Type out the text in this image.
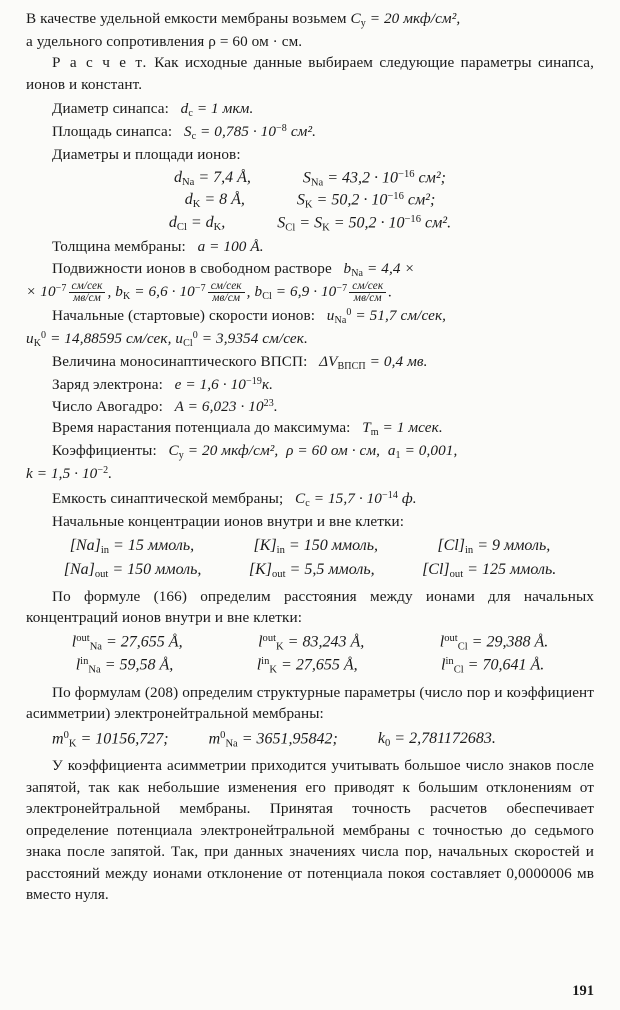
В качестве удельной емкости мембраны возьмем $C_у = 20$ мкф/см²,

а удельного сопротивления ρ = 60 ом · см.

Р а с ч е т. Как исходные данные выбираем следующие параметры синапса, ионов и констант.

Диаметр синапса: $d_с = 1$ мкм.

Площадь синапса: $S_с = 0,785 \cdot 10^{-8}$ см².

Диаметры и площади ионов:

$d_{Na} = 7,4$ Å,	$S_{Na} = 43,2 \cdot 10^{-16}$ см²;
$d_K = 8$ Å,	$S_K = 50,2 \cdot 10^{-16}$ см²;
$d_{Cl} = d_K$,	$S_{Cl} = S_K = 50,2 \cdot 10^{-16}$ см².

Толщина мембраны: a = 100 Å.

Подвижности ионов в свободном растворе $b_{Na} = 4,4$ ×

× $10^{-7} \frac{\text{см/сек}}{мв/см}$ , $b_K = 6,6 \cdot 10^{-7} \frac{\text{см/сек}}{мв/см}$ , $b_{Cl} = 6,9 \cdot 10^{-7} \frac{\text{см/сек}}{мв/см}$ .

Начальные (стартовые) скорости ионов: $u_{Na}^0 = 51,7$ см/сек,

$u_K^0 = 14,88595$ см/сек, $u_{Cl}^0 = 3,9354$ см/сек.

Величина моносинаптического ВПСП: $\Delta V_{ВПСП} = 0,4$ мв.

Заряд электрона: $e = 1,6 \cdot 10^{-19}к$.

Число Авогадро: $A = 6,023 \cdot 10^{23}$.

Время нарастания потенциала до максимума: $T_m = 1$ мсек.

Коэффициенты: $C_у = 20$ мкф/см², ρ = 60 ом · см, $a_1 = 0,001$,

$k = 1,5 \cdot 10^{-2}$.

Емкость синаптической мембраны; $C_с = 15,7 \cdot 10^{-14}$ ф.

Начальные концентрации ионов внутри и вне клетки:

$[Na]_{in} = 15$ ммоль,	$[K]_{in} = 150$ ммоль,	$[Cl]_{in} = 9$ ммоль,
$[Na]_{out} = 150$ ммоль,	$[K]_{out} = 5,5$ ммоль,	$[Cl]_{out} = 125$ ммоль.

По формуле (166) определим расстояния между ионами для начальных концентраций ионов внутри и вне клетки:

$l^{out}_{Na} = 27,655$ Å,	$l^{out}_K = 83,243$ Å,	$l^{out}_{Cl} = 29,388$ Å.
$l^{in}_{Na} = 59,58$ Å,	$l^{in}_K = 27,655$ Å,	$l^{in}_{Cl} = 70,641$ Å.

По формулам (208) определим структурные параметры (число пор и коэффициент асимметрии) электронейтральной мембраны:

$m^0_K = 10156,727$;	$m^0_{Na} = 3651,95842$;	$k_0 = 2,781172683$.

У коэффициента асимметрии приходится учитывать большое число знаков после запятой, так как небольшие изменения его приводят к большим отклонениям от электронейтральной мембраны. Принятая точность расчетов обеспечивает определение потенциала электронейтральной мембраны с точностью до седьмого знака после запятой. Так, при данных значениях числа пор, начальных скоростей и расстояний между ионами отклонение от потенциала покоя составляет 0,0000006 мв вместо нуля.

191
